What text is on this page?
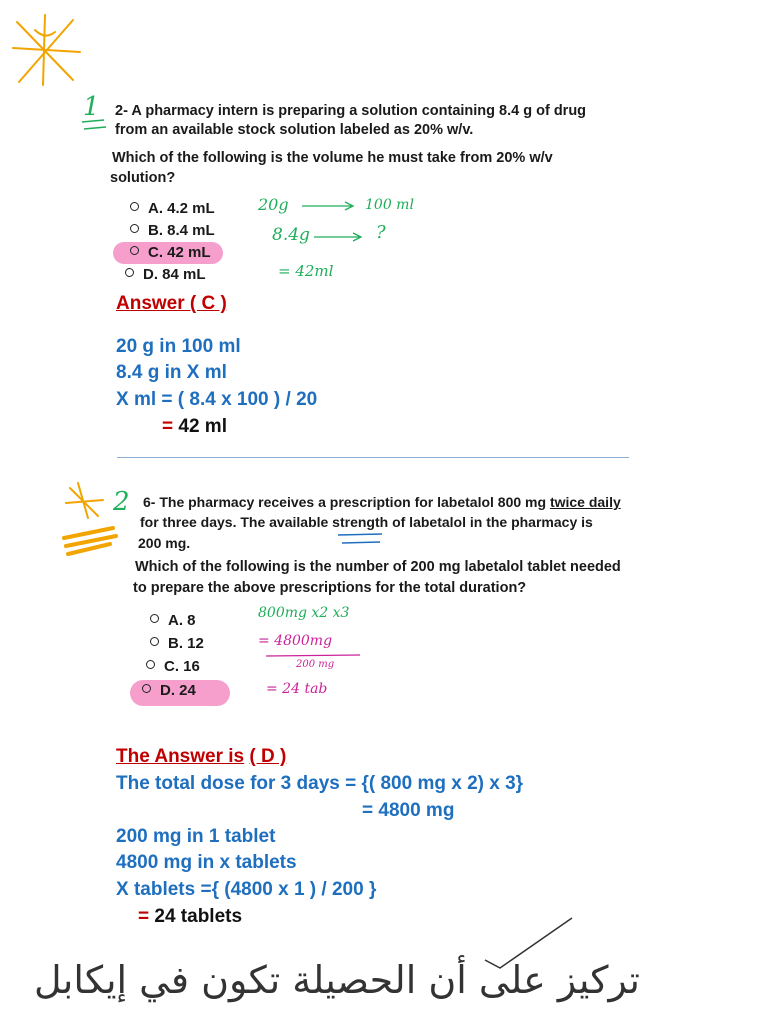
1 2- A pharmacy intern is preparing a solution containing 8.4 g of drug
from an available stock solution labeled as 20% w/v.
Which of the following is the volume he must take from 20% w/v
solution?
A. 4.2 mL
B. 8.4 mL
C. 42 mL
D. 84 mL
20g	100 ml
8.4g	?
= 42ml
Answer ( C )
20 g in 100 ml
8.4 g in X ml
X ml = ( 8.4 x 100 ) / 20
= 42 ml
2 6- The pharmacy receives a prescription for labetalol 800 mg twice daily
for three days. The available strength of labetalol in the pharmacy is
200 mg.
Which of the following is the number of 200 mg labetalol tablet needed
to prepare the above prescriptions for the total duration?
A. 8
B. 12
C. 16
D. 24
800mg x2 x3
= 4800mg
200 mg
= 24 tab
The Answer is ( D )
The total dose for 3 days = {( 800 mg x 2) x 3}
= 4800 mg
200 mg in 1 tablet
4800 mg in x tablets
X tablets ={ (4800 x 1 ) / 200 }
= 24 tablets
تركيز على أن الحصيلة تكون في إيكابل
